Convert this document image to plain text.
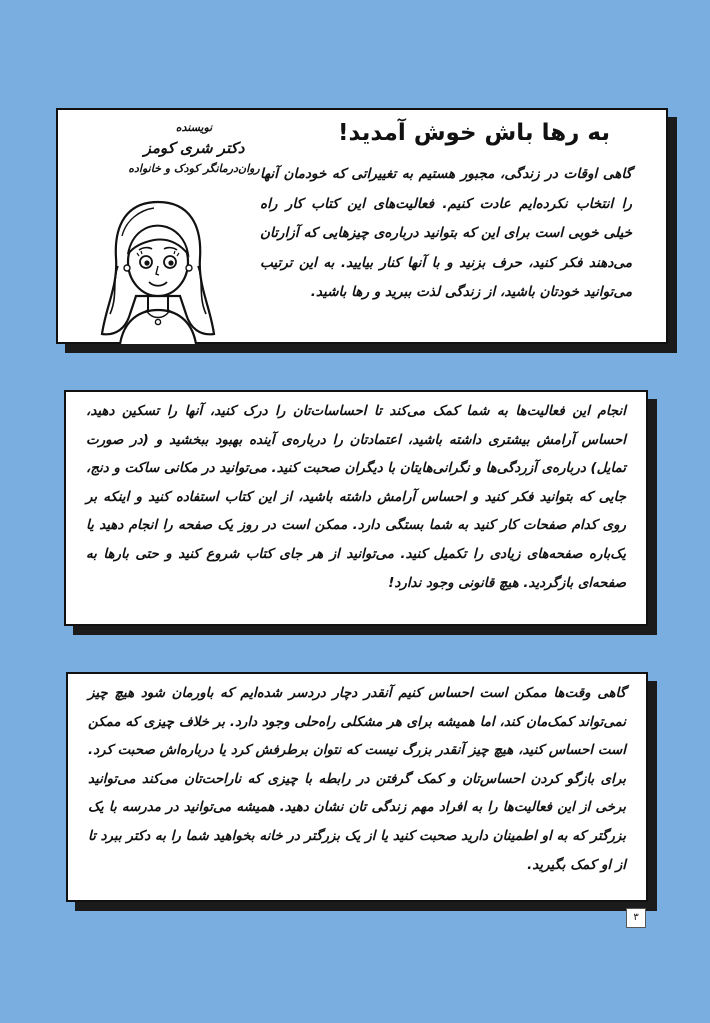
به رها باش خوش آمدید!
گاهی اوقات در زندگی، مجبور هستیم به تغییراتی که خودمان آنها را انتخاب نکرده‌ایم عادت کنیم. فعالیت‌های این کتاب کار راه خیلی خوبی است برای این که بتوانید درباره‌ی چیزهایی که آزارتان می‌دهند فکر کنید، حرف بزنید و با آنها کنار بیایید. به این ترتیب می‌توانید خودتان باشید، از زندگی لذت ببرید و رها باشید.
نویسنده
دکتر شری کومز
روان‌درمانگر کودک و خانواده
انجام این فعالیت‌ها به شما کمک می‌کند تا احساسات‌تان را درک کنید، آنها را تسکین دهید، احساس آرامش بیشتری داشته باشید، اعتمادتان را درباره‌ی آینده بهبود ببخشید و (در صورت تمایل) درباره‌ی آزردگی‌ها و نگرانی‌هایتان با دیگران صحبت کنید. می‌توانید در مکانی ساکت و دنج، جایی که بتوانید فکر کنید و احساس آرامش داشته باشید، از این کتاب استفاده کنید و اینکه بر روی کدام صفحات کار کنید به شما بستگی دارد. ممکن است در روز یک صفحه را انجام دهید یا یک‌باره صفحه‌های زیادی را تکمیل کنید. می‌توانید از هر جای کتاب شروع کنید و حتی بارها به صفحه‌ای بازگردید. هیچ قانونی وجود ندارد!
گاهی وقت‌ها ممکن است احساس کنیم آنقدر دچار دردسر شده‌ایم که باورمان شود هیچ چیز نمی‌تواند کمک‌مان کند، اما همیشه برای هر مشکلی راه‌حلی وجود دارد. بر خلاف چیزی که ممکن است احساس کنید، هیچ چیز آنقدر بزرگ نیست که نتوان برطرفش کرد یا درباره‌اش صحبت کرد. برای بازگو کردن احساس‌تان و کمک گرفتن در رابطه با چیزی که ناراحت‌تان می‌کند می‌توانید برخی از این فعالیت‌ها را به افراد مهم زندگی تان نشان دهید. همیشه می‌توانید در مدرسه با یک بزرگتر که به او اطمینان دارید صحبت کنید یا از یک بزرگتر در خانه بخواهید شما را به دکتر ببرد تا از او کمک بگیرید.
۳
